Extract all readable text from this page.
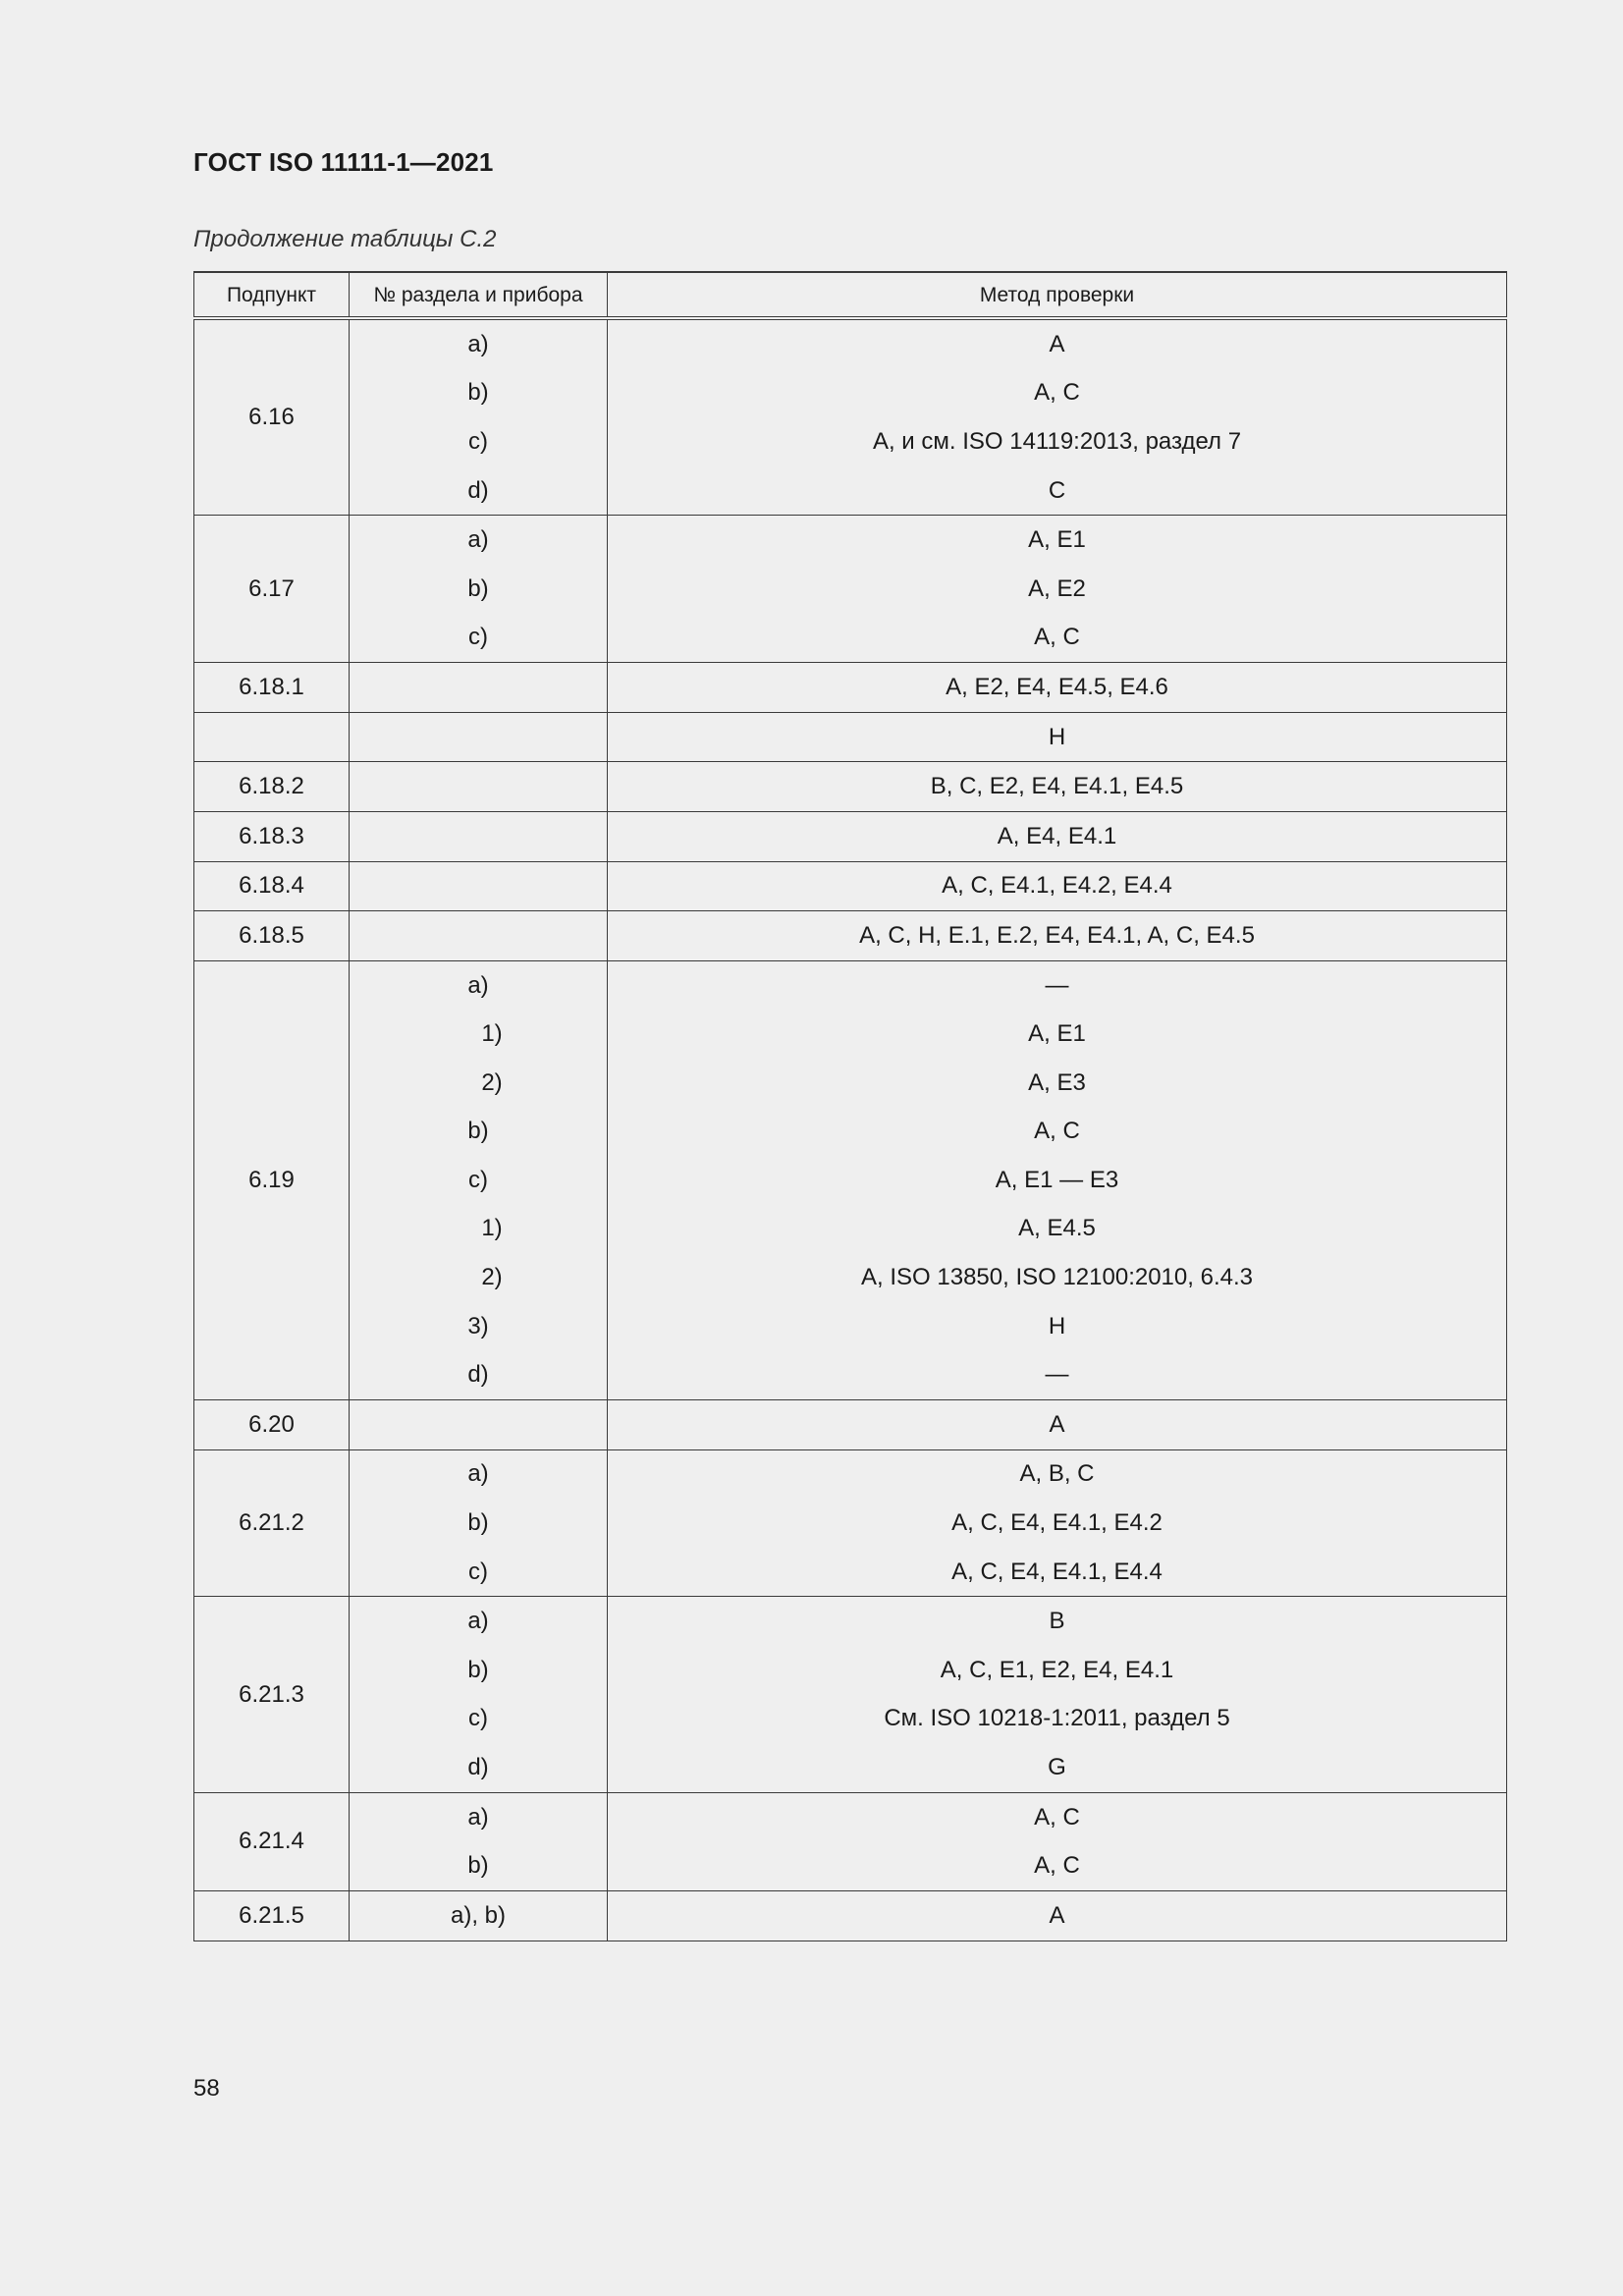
ГОСТ ISO 11111-1—2021
Продолжение таблицы С.2
Подпункт	№ раздела и прибора	Метод проверки
6.16	a)	A
	b)	A, C
	c)	A, и см. ISO 14119:2013, раздел 7
	d)	C
6.17	a)	A, E1
	b)	A, E2
	c)	A, C
6.18.1		A, E2, E4, E4.5, E4.6
		H
6.18.2		B, C, E2, E4, E4.1, E4.5
6.18.3		A, E4, E4.1
6.18.4		A, C, E4.1, E4.2, E4.4
6.18.5		A, C, H, E.1, E.2, E4, E4.1, A, C, E4.5
6.19	a)	—
	1)	A, E1
	2)	A, E3
	b)	A, C
	c)	A, E1 — E3
	1)	A, E4.5
	2)	A, ISO 13850, ISO 12100:2010, 6.4.3
	3)	H
	d)	—
6.20		A
6.21.2	a)	A, B, C
	b)	A, C, E4, E4.1, E4.2
	c)	A, C, E4, E4.1, E4.4
6.21.3	a)	B
	b)	A, C, E1, E2, E4, E4.1
	c)	См. ISO 10218-1:2011, раздел 5
	d)	G
6.21.4	a)	A, C
	b)	A, C
6.21.5	a), b)	A
58
